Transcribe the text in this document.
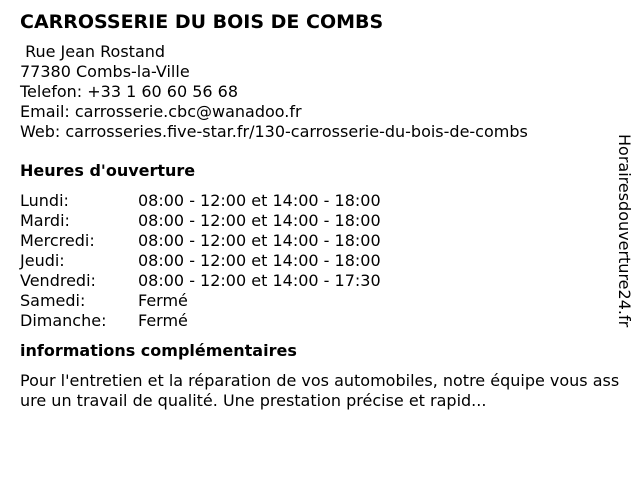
CARROSSERIE DU BOIS DE COMBS
Rue Jean Rostand
77380 Combs-la-Ville
Telefon: +33 1 60 60 56 68
Email: carrosserie.cbc@wanadoo.fr
Web: carrosseries.five-star.fr/130-carrosserie-du-bois-de-combs
Heures d'ouverture
Lundi:	08:00 - 12:00 et 14:00 - 18:00
Mardi:	08:00 - 12:00 et 14:00 - 18:00
Mercredi:	08:00 - 12:00 et 14:00 - 18:00
Jeudi:	08:00 - 12:00 et 14:00 - 18:00
Vendredi:	08:00 - 12:00 et 14:00 - 17:30
Samedi:	Fermé
Dimanche:	Fermé
informations complémentaires
Pour l'entretien et la réparation de vos automobiles, notre équipe vous assure un travail de qualité. Une prestation précise et rapid...
Horairesdouverture24.fr
